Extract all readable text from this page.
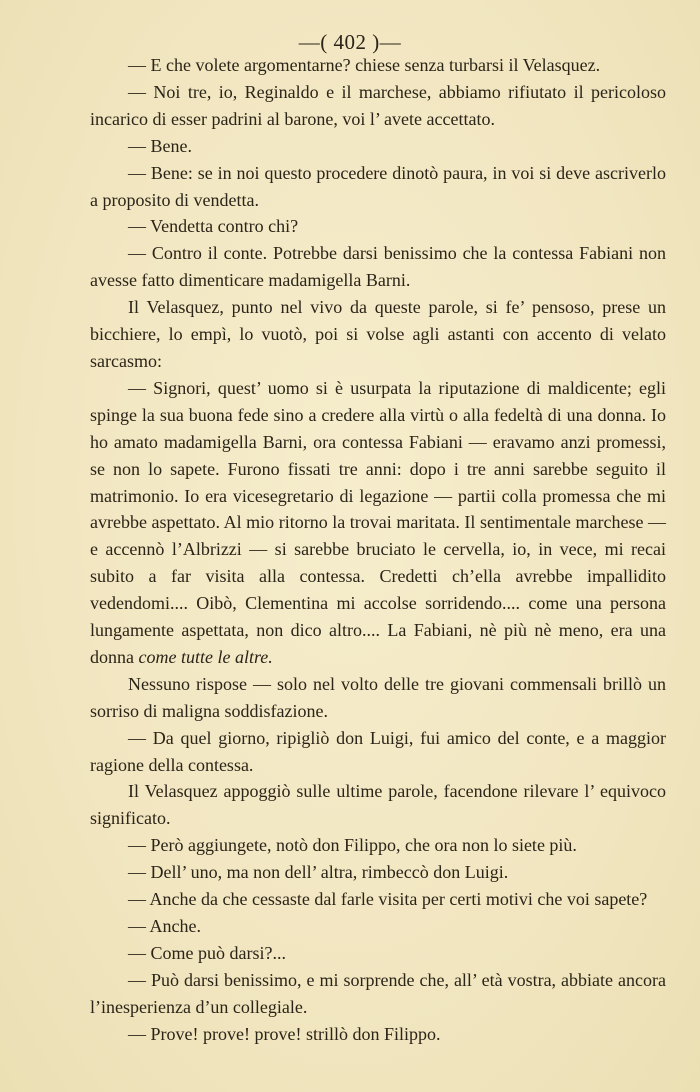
—( 402 )—

— E che volete argomentarne? chiese senza turbarsi il Velasquez.

— Noi tre, io, Reginaldo e il marchese, abbiamo rifiutato il pericoloso incarico di esser padrini al barone, voi l’ avete accettato.

— Bene.

— Bene: se in noi questo procedere dinotò paura, in voi si deve ascriverlo a proposito di vendetta.

— Vendetta contro chi?

— Contro il conte. Potrebbe darsi benissimo che la contessa Fabiani non avesse fatto dimenticare madamigella Barni.

Il Velasquez, punto nel vivo da queste parole, si fe’ pensoso, prese un bicchiere, lo empì, lo vuotò, poi si volse agli astanti con accento di velato sarcasmo:

— Signori, quest’ uomo si è usurpata la riputazione di maldicente; egli spinge la sua buona fede sino a credere alla virtù o alla fedeltà di una donna. Io ho amato madamigella Barni, ora contessa Fabiani — eravamo anzi promessi, se non lo sapete. Furono fissati tre anni: dopo i tre anni sarebbe seguito il matrimonio. Io era vicesegretario di legazione — partii colla promessa che mi avrebbe aspettato. Al mio ritorno la trovai maritata. Il sentimentale marchese — e accennò l’Albrizzi — si sarebbe bruciato le cervella, io, in vece, mi recai subito a far visita alla contessa. Credetti ch’ella avrebbe impallidito vedendomi.... Oibò, Clementina mi accolse sorridendo.... come una persona lungamente aspettata, non dico altro.... La Fabiani, nè più nè meno, era una donna come tutte le altre.

Nessuno rispose — solo nel volto delle tre giovani commensali brillò un sorriso di maligna soddisfazione.

— Da quel giorno, ripigliò don Luigi, fui amico del conte, e a maggior ragione della contessa.

Il Velasquez appoggiò sulle ultime parole, facendone rilevare l’ equivoco significato.

— Però aggiungete, notò don Filippo, che ora non lo siete più.

— Dell’ uno, ma non dell’ altra, rimbeccò don Luigi.

— Anche da che cessaste dal farle visita per certi motivi che voi sapete?

— Anche.

— Come può darsi?...

— Può darsi benissimo, e mi sorprende che, all’ età vostra, abbiate ancora l’inesperienza d’un collegiale.

— Prove! prove! prove! strillò don Filippo.
